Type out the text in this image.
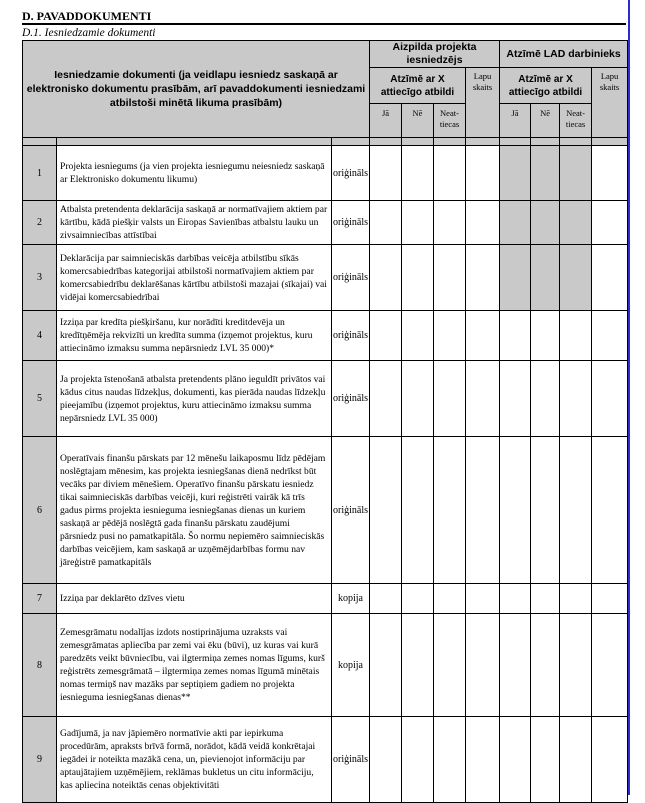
D. PAVADDOKUMENTI
D.1. Iesniedzamie dokumenti
Iesniedzamie dokumenti (ja veidlapu iesniedz saskaņā ar elektronisko dokumentu prasībām, arī pavaddokumenti iesniedzami atbilstoši minētā likuma prasībām)			Aizpilda projekta iesniedzējs				Atzīmē LAD darbinieks			
			Atzīmē ar X attiecīgo atbildi			Lapu skaits	Atzīmē ar X attiecīgo atbildi			Lapu skaits
			Jā	Nē	Neat- tiecas		Jā	Nē	Neat- tiecas	

1	Projekta iesniegums (ja vien projekta iesniegumu neiesniedz saskaņā ar Elektronisko dokumentu likumu)	oriģināls								
2	Atbalsta pretendenta deklarācija saskaņā ar normatīvajiem aktiem par kārtību, kādā piešķir valsts un Eiropas Savienības atbalstu lauku un zivsaimniecības attīstībai	oriģināls								
3	Deklarācija par saimnieciskās darbības veicēja atbilstību sīkās komercsabiedrības kategorijai atbilstoši normatīvajiem aktiem par komercsabiedrību deklarēšanas kārtību atbilstoši mazajai (sīkajai) vai vidējai komercsabiedrībai	oriģināls								
4	Izziņa par kredīta piešķiršanu, kur norādīti kreditdevēja un kredītņēmēja rekvizīti un kredīta summa (izņemot projektus, kuru attiecināmo izmaksu summa nepārsniedz LVL 35 000)*	oriģināls								
5	Ja projekta īstenošanā atbalsta pretendents plāno ieguldīt privātos vai kādus citus naudas līdzekļus, dokumenti, kas pierāda naudas līdzekļu pieejamību (izņemot projektus, kuru attiecināmo izmaksu summa nepārsniedz LVL 35 000)	oriģināls								
6	Operatīvais finanšu pārskats par 12 mēnešu laikaposmu līdz pēdējam noslēgtajam mēnesim, kas projekta iesniegšanas dienā nedrīkst būt vecāks par diviem mēnešiem. Operatīvo finanšu pārskatu iesniedz tikai saimnieciskās darbības veicēji, kuri reģistrēti vairāk kā trīs gadus pirms projekta iesnieguma iesniegšanas dienas un kuriem saskaņā ar pēdējā noslēgtā gada finanšu pārskatu zaudējumi pārsniedz pusi no pamatkapitāla. Šo normu nepiemēro saimnieciskās darbības veicējiem, kam saskaņā ar uzņēmējdarbības formu nav jāreģistrē pamatkapitāls	oriģināls								
7	Izziņa par deklarēto dzīves vietu	kopija								
8	Zemesgrāmatu nodalījas izdots nostiprinājuma uzraksts vai zemesgrāmatas apliecība par zemi vai ēku (būvi), uz kuras vai kurā paredzēts veikt būvniecību, vai ilgtermiņa zemes nomas līgums, kurš reģistrēts zemesgrāmatā – ilgtermiņa zemes nomas līgumā minētais nomas termiņš nav mazāks par septiņiem gadiem no projekta iesnieguma iesniegšanas dienas**	kopija								
9	Gadījumā, ja nav jāpiemēro normatīvie akti par iepirkuma procedūrām, apraksts brīvā formā, norādot, kādā veidā konkrētajai iegādei ir noteikta mazākā cena, un, pievienojot informāciju par aptaujātajiem uzņēmējiem, reklāmas bukletus un citu informāciju, kas apliecina noteiktās cenas objektivitāti	oriģināls								
